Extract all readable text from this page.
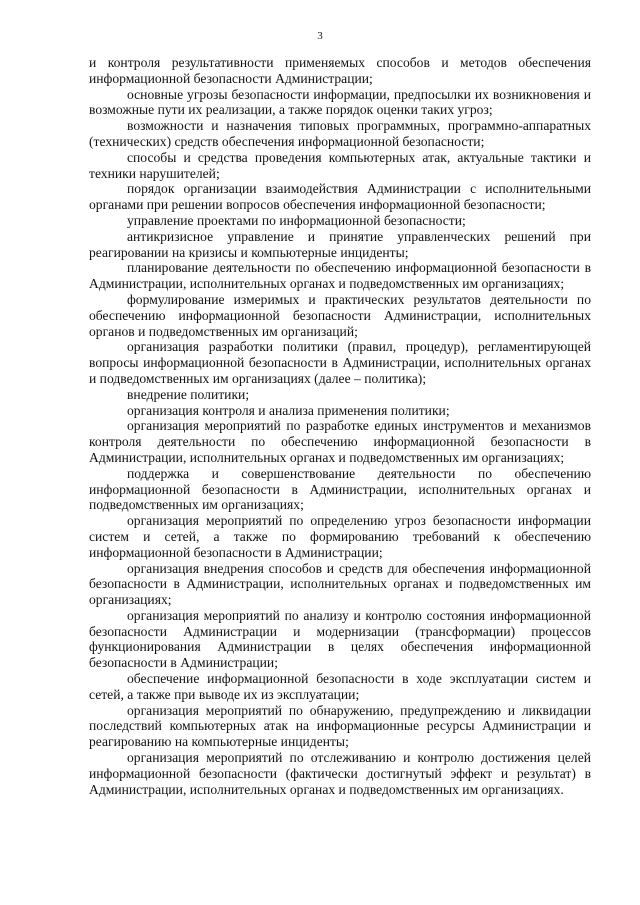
3

и контроля результативности применяемых способов и методов обеспечения информационной безопасности Администрации;

основные угрозы безопасности информации, предпосылки их возникновения и возможные пути их реализации, а также порядок оценки таких угроз;

возможности и назначения типовых программных, программно-аппаратных (технических) средств обеспечения информационной безопасности;

способы и средства проведения компьютерных атак, актуальные тактики и техники нарушителей;

порядок организации взаимодействия Администрации с исполнительными органами при решении вопросов обеспечения информационной безопасности;

управление проектами по информационной безопасности;

антикризисное управление и принятие управленческих решений при реагировании на кризисы и компьютерные инциденты;

планирование деятельности по обеспечению информационной безопасности в Администрации, исполнительных органах и подведомственных им организациях;

формулирование измеримых и практических результатов деятельности по обеспечению информационной безопасности Администрации, исполнительных органов и подведомственных им организаций;

организация разработки политики (правил, процедур), регламентирующей вопросы информационной безопасности в Администрации, исполнительных органах и подведомственных им организациях (далее – политика);

внедрение политики;

организация контроля и анализа применения политики;

организация мероприятий по разработке единых инструментов и механизмов контроля деятельности по обеспечению информационной безопасности в Администрации, исполнительных органах и подведомственных им организациях;

поддержка и совершенствование деятельности по обеспечению информационной безопасности в Администрации, исполнительных органах и подведомственных им организациях;

организация мероприятий по определению угроз безопасности информации систем и сетей, а также по формированию требований к обеспечению информационной безопасности в Администрации;

организация внедрения способов и средств для обеспечения информационной безопасности в Администрации, исполнительных органах и подведомственных им организациях;

организация мероприятий по анализу и контролю состояния информационной безопасности Администрации и модернизации (трансформации) процессов функционирования Администрации в целях обеспечения информационной безопасности в Администрации;

обеспечение информационной безопасности в ходе эксплуатации систем и сетей, а также при выводе их из эксплуатации;

организация мероприятий по обнаружению, предупреждению и ликвидации последствий компьютерных атак на информационные ресурсы Администрации и реагированию на компьютерные инциденты;

организация мероприятий по отслеживанию и контролю достижения целей информационной безопасности (фактически достигнутый эффект и результат) в Администрации, исполнительных органах и подведомственных им организациях.
